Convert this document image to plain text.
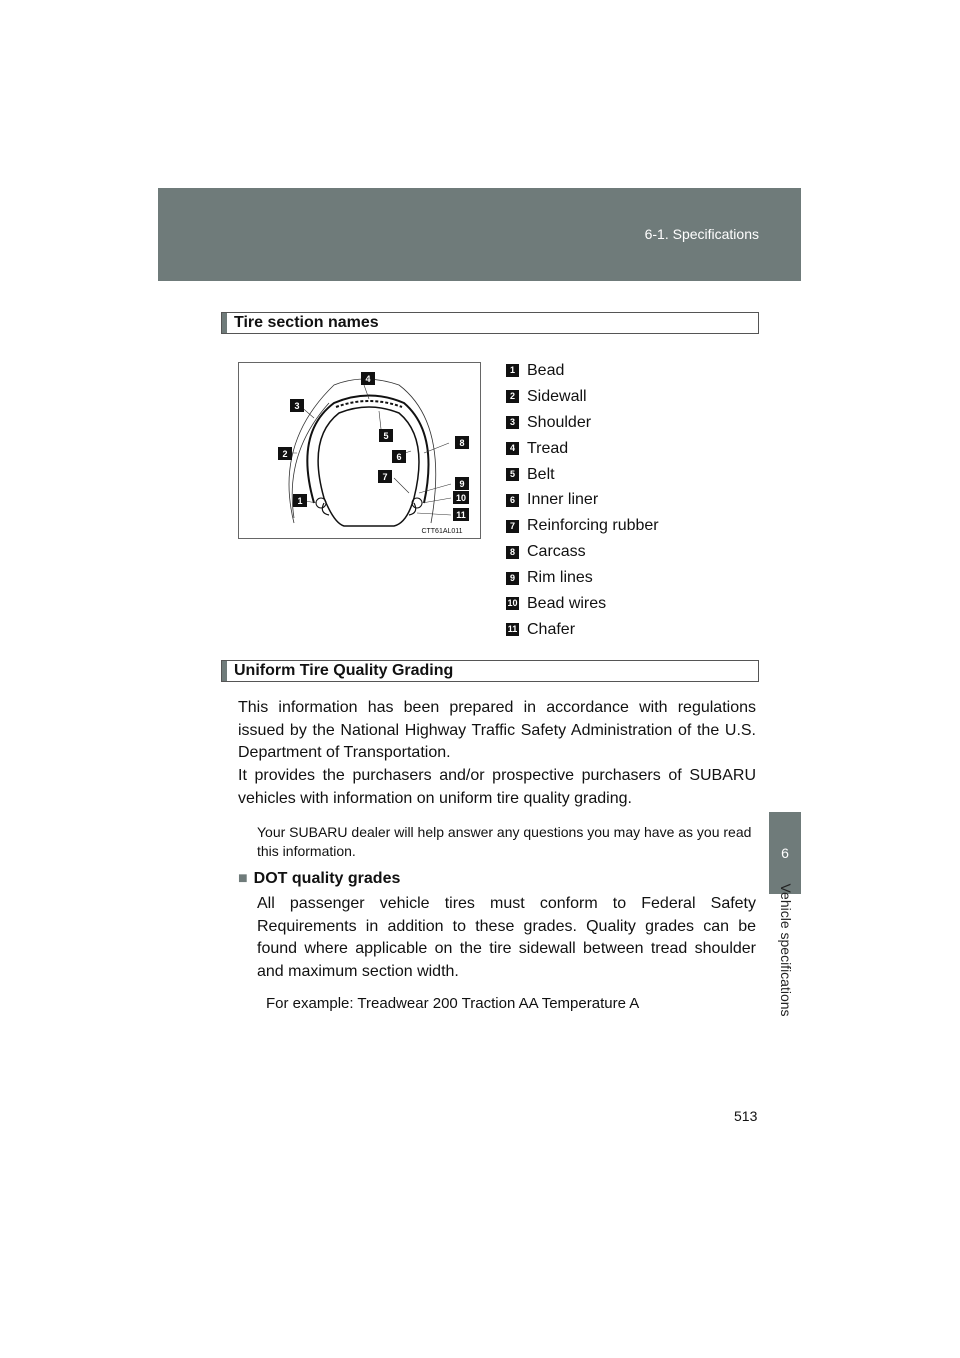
6-1. Specifications
6
Vehicle specifications
Tire section names
4
3
5
8
2	6
7
9
10
1
11
CTT61AL011
1 Bead
2 Sidewall
3 Shoulder
4 Tread
5 Belt
6 Inner liner
7 Reinforcing rubber
8 Carcass
9 Rim lines
10 Bead wires
11 Chafer
Uniform Tire Quality Grading

This information has been prepared in accordance with regulations issued by the National Highway Traffic Safety Administration of the U.S. Department of Transportation.

It provides the purchasers and/or prospective purchasers of SUBARU vehicles with information on uniform tire quality grading.

Your SUBARU dealer will help answer any questions you may have as you read this information.

■ DOT quality grades

All passenger vehicle tires must conform to Federal Safety Requirements in addition to these grades. Quality grades can be found where applicable on the tire sidewall between tread shoulder and maximum section width.

For example: Treadwear 200 Traction AA Temperature A

513
